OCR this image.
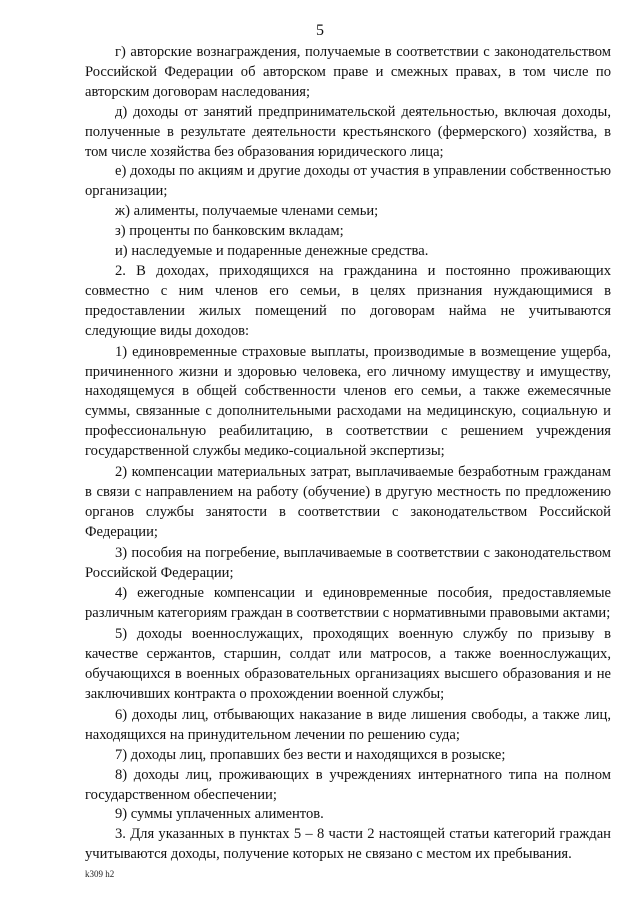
5

г) авторские вознаграждения, получаемые в соответствии с законодательством Российской Федерации об авторском праве и смежных правах, в том числе по авторским договорам наследования;

д) доходы от занятий предпринимательской деятельностью, включая доходы, полученные в результате деятельности крестьянского (фермерского) хозяйства, в том числе хозяйства без образования юридического лица;

е) доходы по акциям и другие доходы от участия в управлении собственностью организации;

ж) алименты, получаемые членами семьи;

з) проценты по банковским вкладам;

и) наследуемые и подаренные денежные средства.

2. В доходах, приходящихся на гражданина и постоянно проживающих совместно с ним членов его семьи, в целях признания нуждающимися в предоставлении жилых помещений по договорам найма не учитываются следующие виды доходов:

1) единовременные страховые выплаты, производимые в возмещение ущерба, причиненного жизни и здоровью человека, его личному имуществу и имуществу, находящемуся в общей собственности членов его семьи, а также ежемесячные суммы, связанные с дополнительными расходами на медицинскую, социальную и профессиональную реабилитацию, в соответствии с решением учреждения государственной службы медико-социальной экспертизы;

2) компенсации материальных затрат, выплачиваемые безработным гражданам в связи с направлением на работу (обучение) в другую местность по предложению органов службы занятости в соответствии с законодательством Российской Федерации;

3) пособия на погребение, выплачиваемые в соответствии с законодательством Российской Федерации;

4) ежегодные компенсации и единовременные пособия, предоставляемые различным категориям граждан в соответствии с нормативными правовыми актами;

5) доходы военнослужащих, проходящих военную службу по призыву в качестве сержантов, старшин, солдат или матросов, а также военнослужащих, обучающихся в военных образовательных организациях высшего образования и не заключивших контракта о прохождении военной службы;

6) доходы лиц, отбывающих наказание в виде лишения свободы, а также лиц, находящихся на принудительном лечении по решению суда;

7) доходы лиц, пропавших без вести и находящихся в розыске;

8) доходы лиц, проживающих в учреждениях интернатного типа на полном государственном обеспечении;

9) суммы уплаченных алиментов.

3. Для указанных в пунктах 5 – 8 части 2 настоящей статьи категорий граждан учитываются доходы, получение которых не связано с местом их пребывания.

k309 h2
